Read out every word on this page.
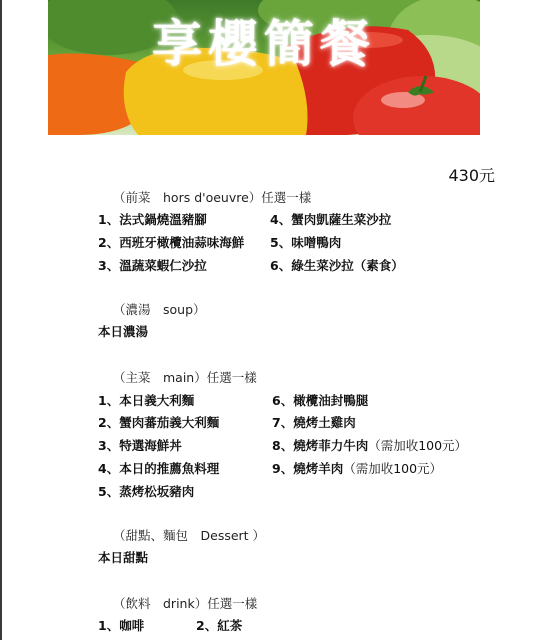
享櫻簡餐
430元
（前菜　hors d'oeuvre）任選一樣
1、法式鍋燒溫豬腳
2、西班牙橄欖油蒜味海鮮
3、溫蔬菜蝦仁沙拉
4、蟹肉凱薩生菜沙拉
5、味噌鴨肉
6、綠生菜沙拉（素食）
（濃湯　soup）
本日濃湯
（主菜　main）任選一樣
1、本日義大利麵
2、蟹肉蕃茄義大利麵
3、特選海鮮丼
4、本日的推薦魚料理
5、蒸烤松坂豬肉
6、橄欖油封鴨腿
7、燒烤土雞肉
8、燒烤菲力牛肉（需加收100元）
9、燒烤羊肉（需加收100元）
（甜點、麵包　Dessert ）
本日甜點
（飲料　drink）任選一樣
1、咖啡	2、紅茶
